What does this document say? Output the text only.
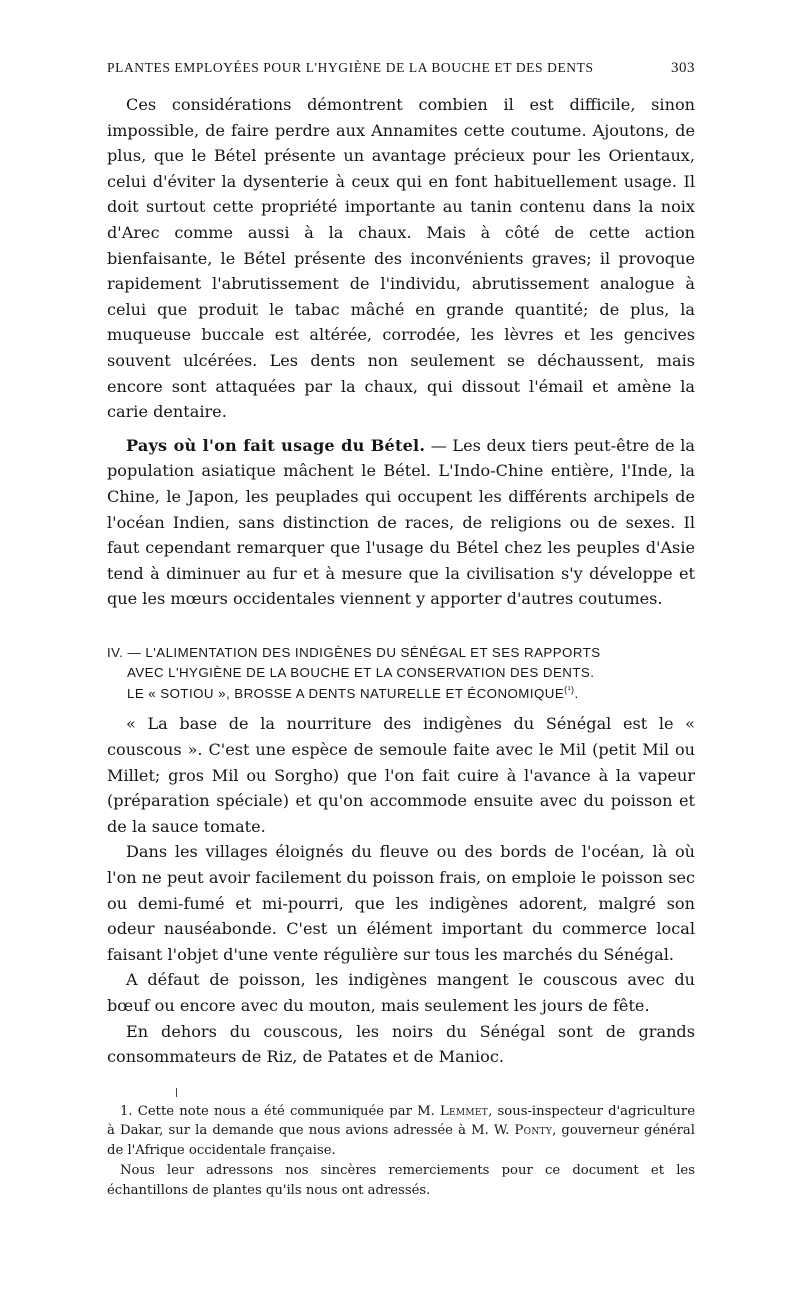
PLANTES EMPLOYÉES POUR L'HYGIÈNE DE LA BOUCHE ET DES DENTS	303

Ces considérations démontrent combien il est difficile, sinon impossible, de faire perdre aux Annamites cette coutume. Ajoutons, de plus, que le Bétel présente un avantage précieux pour les Orientaux, celui d'éviter la dysenterie à ceux qui en font habituellement usage. Il doit surtout cette propriété importante au tanin contenu dans la noix d'Arec comme aussi à la chaux. Mais à côté de cette action bienfaisante, le Bétel présente des inconvénients graves; il provoque rapidement l'abrutissement de l'individu, abrutissement analogue à celui que produit le tabac mâché en grande quantité; de plus, la muqueuse buccale est altérée, corrodée, les lèvres et les gencives souvent ulcérées. Les dents non seulement se déchaussent, mais encore sont attaquées par la chaux, qui dissout l'émail et amène la carie dentaire.

Pays où l'on fait usage du Bétel. — Les deux tiers peut-être de la population asiatique mâchent le Bétel. L'Indo-Chine entière, l'Inde, la Chine, le Japon, les peuplades qui occupent les différents archipels de l'océan Indien, sans distinction de races, de religions ou de sexes. Il faut cependant remarquer que l'usage du Bétel chez les peuples d'Asie tend à diminuer au fur et à mesure que la civilisation s'y développe et que les mœurs occidentales viennent y apporter d'autres coutumes.

IV. — L'ALIMENTATION DES INDIGÈNES DU SÉNÉGAL ET SES RAPPORTS
AVEC L'HYGIÈNE DE LA BOUCHE ET LA CONSERVATION DES DENTS.
LE « SOTIOU », BROSSE A DENTS NATURELLE ET ÉCONOMIQUE$^{(^1)}$.

« La base de la nourriture des indigènes du Sénégal est le « couscous ». C'est une espèce de semoule faite avec le Mil (petit Mil ou Millet; gros Mil ou Sorgho) que l'on fait cuire à l'avance à la vapeur (préparation spéciale) et qu'on accommode ensuite avec du poisson et de la sauce tomate.

Dans les villages éloignés du fleuve ou des bords de l'océan, là où l'on ne peut avoir facilement du poisson frais, on emploie le poisson sec ou demi-fumé et mi-pourri, que les indigènes adorent, malgré son odeur nauséabonde. C'est un élément important du commerce local faisant l'objet d'une vente régulière sur tous les marchés du Sénégal.

A défaut de poisson, les indigènes mangent le couscous avec du bœuf ou encore avec du mouton, mais seulement les jours de fête.

En dehors du couscous, les noirs du Sénégal sont de grands consommateurs de Riz, de Patates et de Manioc.

1. Cette note nous a été communiquée par M. Lemmet, sous-inspecteur d'agriculture à Dakar, sur la demande que nous avions adressée à M. W. Ponty, gouverneur général de l'Afrique occidentale française.

Nous leur adressons nos sincères remerciements pour ce document et les échantillons de plantes qu'ils nous ont adressés.
